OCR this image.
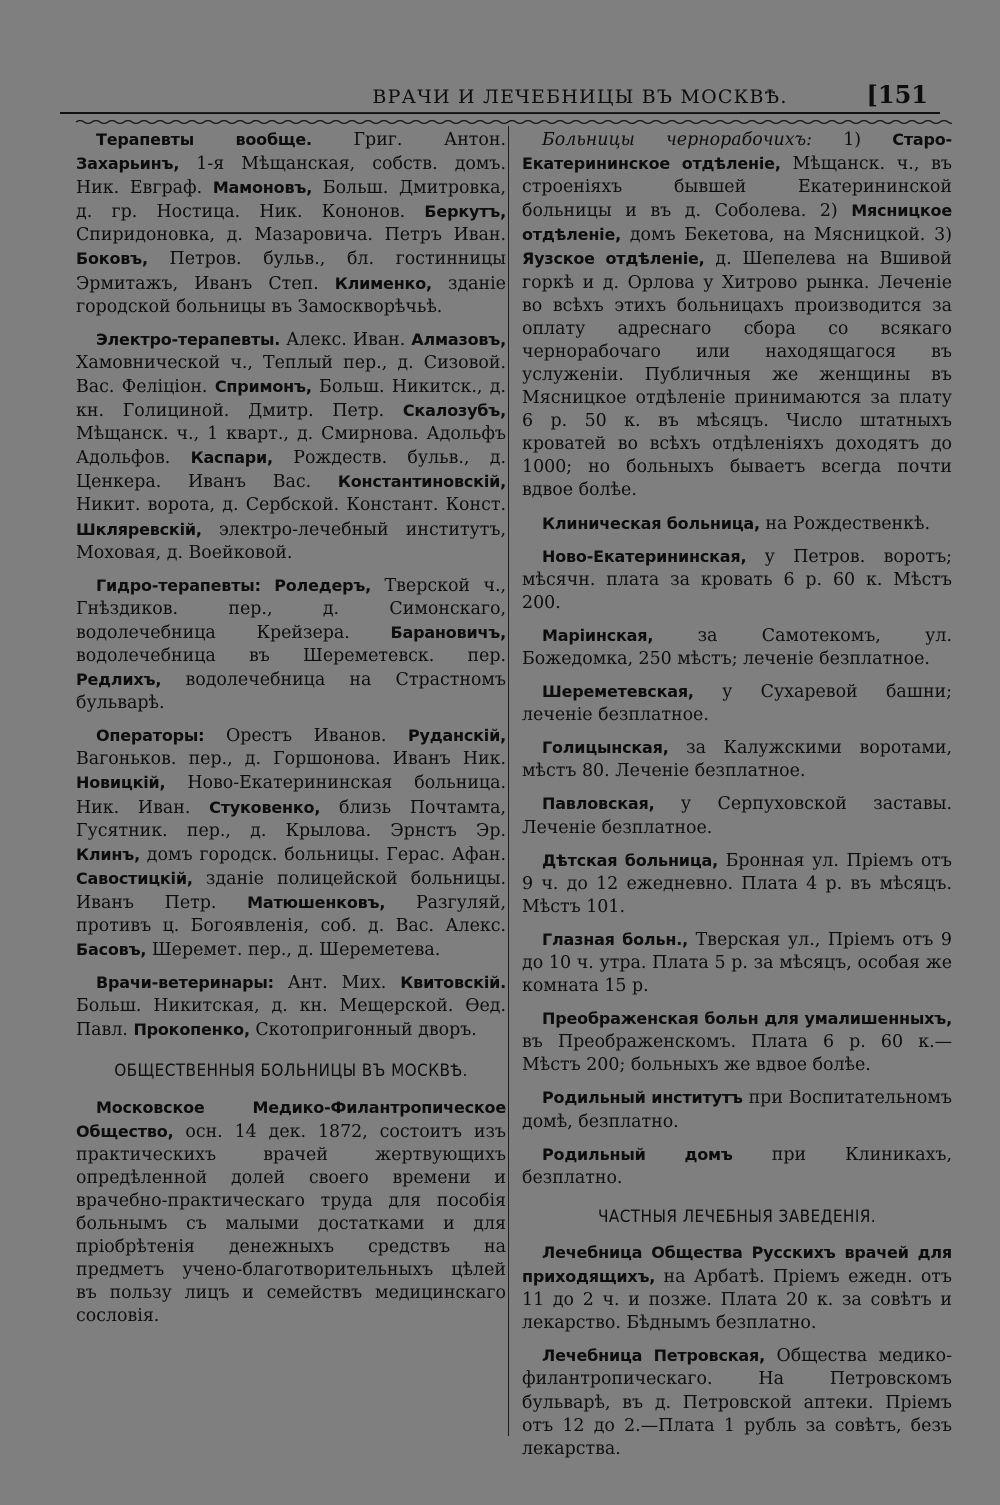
ВРАЧИ И ЛЕЧЕБНИЦЫ ВЪ МОСКВѢ.	[151

Терапевты вообще. Григ. Антон. Захарьинъ, 1-я Мѣщанская, собств. домъ. Ник. Евграф. Мамоновъ, Больш. Дмитровка, д. гр. Ностица. Ник. Кононов. Беркутъ, Спиридоновка, д. Мазаровича. Петръ Иван. Боковъ, Петров. бульв., бл. гостинницы Эрмитажъ, Иванъ Степ. Клименко, зданіе городской больницы въ Замоскворѣчьѣ.

Электро-терапевты. Алекс. Иван. Алмазовъ, Хамовнической ч., Теплый пер., д. Сизовой. Вас. Феліціон. Спримонъ, Больш. Никитск., д. кн. Голициной. Дмитр. Петр. Скалозубъ, Мѣщанск. ч., 1 кварт., д. Смирнова. Адольфъ Адольфов. Каспари, Рождеств. бульв., д. Ценкера. Иванъ Вас. Константиновскій, Никит. ворота, д. Сербской. Констант. Конст. Шкляревскій, электро-лечебный институтъ, Моховая, д. Воейковой.

Гидро-терапевты: Роледеръ, Тверской ч., Гнѣздиков. пер., д. Симонскаго, водолечебница Крейзера. Барановичъ, водолечебница въ Шереметевск. пер. Редлихъ, водолечебница на Страстномъ бульварѣ.

Операторы: Орестъ Иванов. Руданскій, Вагоньков. пер., д. Горшонова. Иванъ Ник. Новицкій, Ново-Екатерининская больница. Ник. Иван. Стуковенко, близь Почтамта, Гусятник. пер., д. Крылова. Эрнстъ Эр. Клинъ, домъ городск. больницы. Герас. Афан. Савостицкій, зданіе полицейской больницы. Иванъ Петр. Матюшенковъ, Разгуляй, противъ ц. Богоявленія, соб. д. Вас. Алекс. Басовъ, Шеремет. пер., д. Шереметева.

Врачи-ветеринары: Ант. Мих. Квитовскій. Больш. Никитская, д. кн. Мещерской. Ѳед. Павл. Прокопенко, Скотопригонный дворъ.

ОБЩЕСТВЕННЫЯ БОЛЬНИЦЫ ВЪ МОСКВѢ.

Московское Медико-Филантропическое Общество, осн. 14 дек. 1872, состоитъ изъ практическихъ врачей жертвующихъ опредѣленной долей своего времени и врачебно-практическаго труда для пособія больнымъ съ малыми достатками и для пріобрѣтенія денежныхъ средствъ на предметъ учено-благотворительныхъ цѣлей въ пользу лицъ и семействъ медицинскаго сословія.

Больницы чернорабочихъ: 1) Старо-Екатерининское отдѣленіе, Мѣщанск. ч., въ строеніяхъ бывшей Екатерининской больницы и въ д. Соболева. 2) Мясницкое отдѣленіе, домъ Бекетова, на Мясницкой. 3) Яузское отдѣленіе, д. Шепелева на Вшивой горкѣ и д. Орлова у Хитрово рынка. Леченіе во всѣхъ этихъ больницахъ производится за оплату адреснаго сбора со всякаго чернорабочаго или находящагося въ услуженіи. Публичныя же женщины въ Мясницкое отдѣленіе принимаются за плату 6 р. 50 к. въ мѣсяцъ. Число штатныхъ кроватей во всѣхъ отдѣленіяхъ доходятъ до 1000; но больныхъ бываетъ всегда почти вдвое болѣе.

Клиническая больница, на Рождественкѣ.

Ново-Екатерининская, у Петров. воротъ; мѣсячн. плата за кровать 6 р. 60 к. Мѣстъ 200.

Маріинская, за Самотекомъ, ул. Божедомка, 250 мѣстъ; леченіе безплатное.

Шереметевская, у Сухаревой башни; леченіе безплатное.

Голицынская, за Калужскими воротами, мѣстъ 80. Леченіе безплатное.

Павловская, у Серпуховской заставы. Леченіе безплатное.

Дѣтская больница, Бронная ул. Пріемъ отъ 9 ч. до 12 ежедневно. Плата 4 р. въ мѣсяцъ. Мѣстъ 101.

Глазная больн., Тверская ул., Пріемъ отъ 9 до 10 ч. утра. Плата 5 р. за мѣсяцъ, особая же комната 15 р.

Преображенская больн для умалишенныхъ, въ Преображенскомъ. Плата 6 р. 60 к.—Мѣстъ 200; больныхъ же вдвое болѣе.

Родильный институтъ при Воспитательномъ домѣ, безплатно.

Родильный домъ при Клиникахъ, безплатно.

ЧАСТНЫЯ ЛЕЧЕБНЫЯ ЗАВЕДЕНІЯ.

Лечебница Общества Русскихъ врачей для приходящихъ, на Арбатѣ. Пріемъ ежедн. отъ 11 до 2 ч. и позже. Плата 20 к. за совѣтъ и лекарство. Бѣднымъ безплатно.

Лечебница Петровская, Общества медико-филантропическаго. На Петровскомъ бульварѣ, въ д. Петровской аптеки. Пріемъ отъ 12 до 2.—Плата 1 рубль за совѣтъ, безъ лекарства.
